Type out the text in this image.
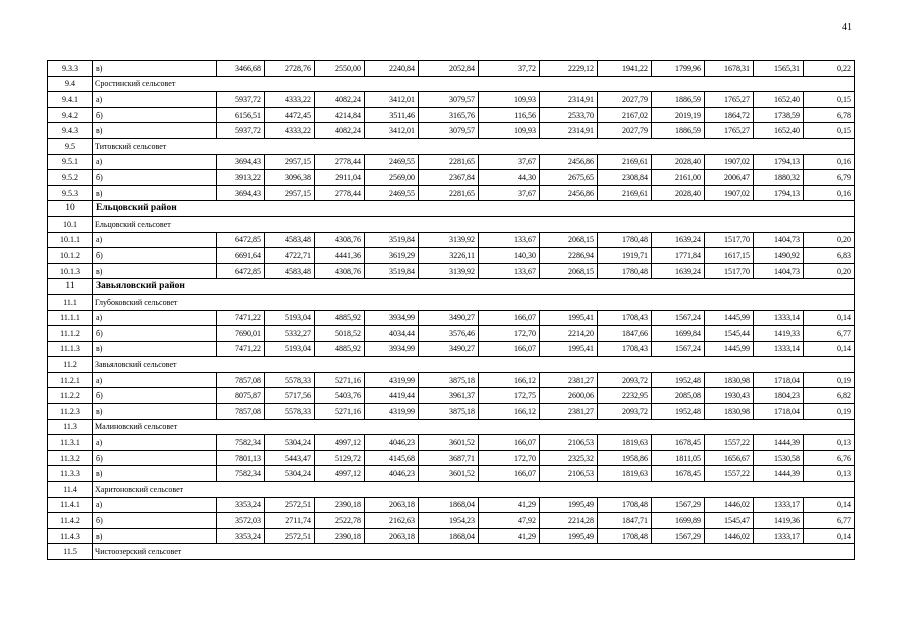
41
9.3.3	в)	3466,68	2728,76	2550,00	2240,84	2052,84	37,72	2229,12	1941,22	1799,96	1678,31	1565,31	0,22
9.4	Сростинский сельсовет												
9.4.1	а)	5937,72	4333,22	4082,24	3412,01	3079,57	109,93	2314,91	2027,79	1886,59	1765,27	1652,40	0,15
9.4.2	б)	6156,51	4472,45	4214,84	3511,46	3165,76	116,56	2533,70	2167,02	2019,19	1864,72	1738,59	6,78
9.4.3	в)	5937,72	4333,22	4082,24	3412,01	3079,57	109,93	2314,91	2027,79	1886,59	1765,27	1652,40	0,15
9.5	Титовский сельсовет												
9.5.1	а)	3694,43	2957,15	2778,44	2469,55	2281,65	37,67	2456,86	2169,61	2028,40	1907,02	1794,13	0,16
9.5.2	б)	3913,22	3096,38	2911,04	2569,00	2367,84	44,30	2675,65	2308,84	2161,00	2006,47	1880,32	6,79
9.5.3	в)	3694,43	2957,15	2778,44	2469,55	2281,65	37,67	2456,86	2169,61	2028,40	1907,02	1794,13	0,16
10	Ельцовский район												
10.1	Ельцовский сельсовет												
10.1.1	а)	6472,85	4583,48	4308,76	3519,84	3139,92	133,67	2068,15	1780,48	1639,24	1517,70	1404,73	0,20
10.1.2	б)	6691,64	4722,71	4441,36	3619,29	3226,11	140,30	2286,94	1919,71	1771,84	1617,15	1490,92	6,83
10.1.3	в)	6472,85	4583,48	4308,76	3519,84	3139,92	133,67	2068,15	1780,48	1639,24	1517,70	1404,73	0,20
11	Завьяловский район												
11.1	Глубоковский сельсовет												
11.1.1	а)	7471,22	5193,04	4885,92	3934,99	3490,27	166,07	1995,41	1708,43	1567,24	1445,99	1333,14	0,14
11.1.2	б)	7690,01	5332,27	5018,52	4034,44	3576,46	172,70	2214,20	1847,66	1699,84	1545,44	1419,33	6,77
11.1.3	в)	7471,22	5193,04	4885,92	3934,99	3490,27	166,07	1995,41	1708,43	1567,24	1445,99	1333,14	0,14
11.2	Завьяловский сельсовет												
11.2.1	а)	7857,08	5578,33	5271,16	4319,99	3875,18	166,12	2381,27	2093,72	1952,48	1830,98	1718,04	0,19
11.2.2	б)	8075,87	5717,56	5403,76	4419,44	3961,37	172,75	2600,06	2232,95	2085,08	1930,43	1804,23	6,82
11.2.3	в)	7857,08	5578,33	5271,16	4319,99	3875,18	166,12	2381,27	2093,72	1952,48	1830,98	1718,04	0,19
11.3	Малиновский сельсовет												
11.3.1	а)	7582,34	5304,24	4997,12	4046,23	3601,52	166,07	2106,53	1819,63	1678,45	1557,22	1444,39	0,13
11.3.2	б)	7801,13	5443,47	5129,72	4145,68	3687,71	172,70	2325,32	1958,86	1811,05	1656,67	1530,58	6,76
11.3.3	в)	7582,34	5304,24	4997,12	4046,23	3601,52	166,07	2106,53	1819,63	1678,45	1557,22	1444,39	0,13
11.4	Харитоновский сельсовет												
11.4.1	а)	3353,24	2572,51	2390,18	2063,18	1868,04	41,29	1995,49	1708,48	1567,29	1446,02	1333,17	0,14
11.4.2	б)	3572,03	2711,74	2522,78	2162,63	1954,23	47,92	2214,28	1847,71	1699,89	1545,47	1419,36	6,77
11.4.3	в)	3353,24	2572,51	2390,18	2063,18	1868,04	41,29	1995,49	1708,48	1567,29	1446,02	1333,17	0,14
11.5	Чистоозерский сельсовет												
